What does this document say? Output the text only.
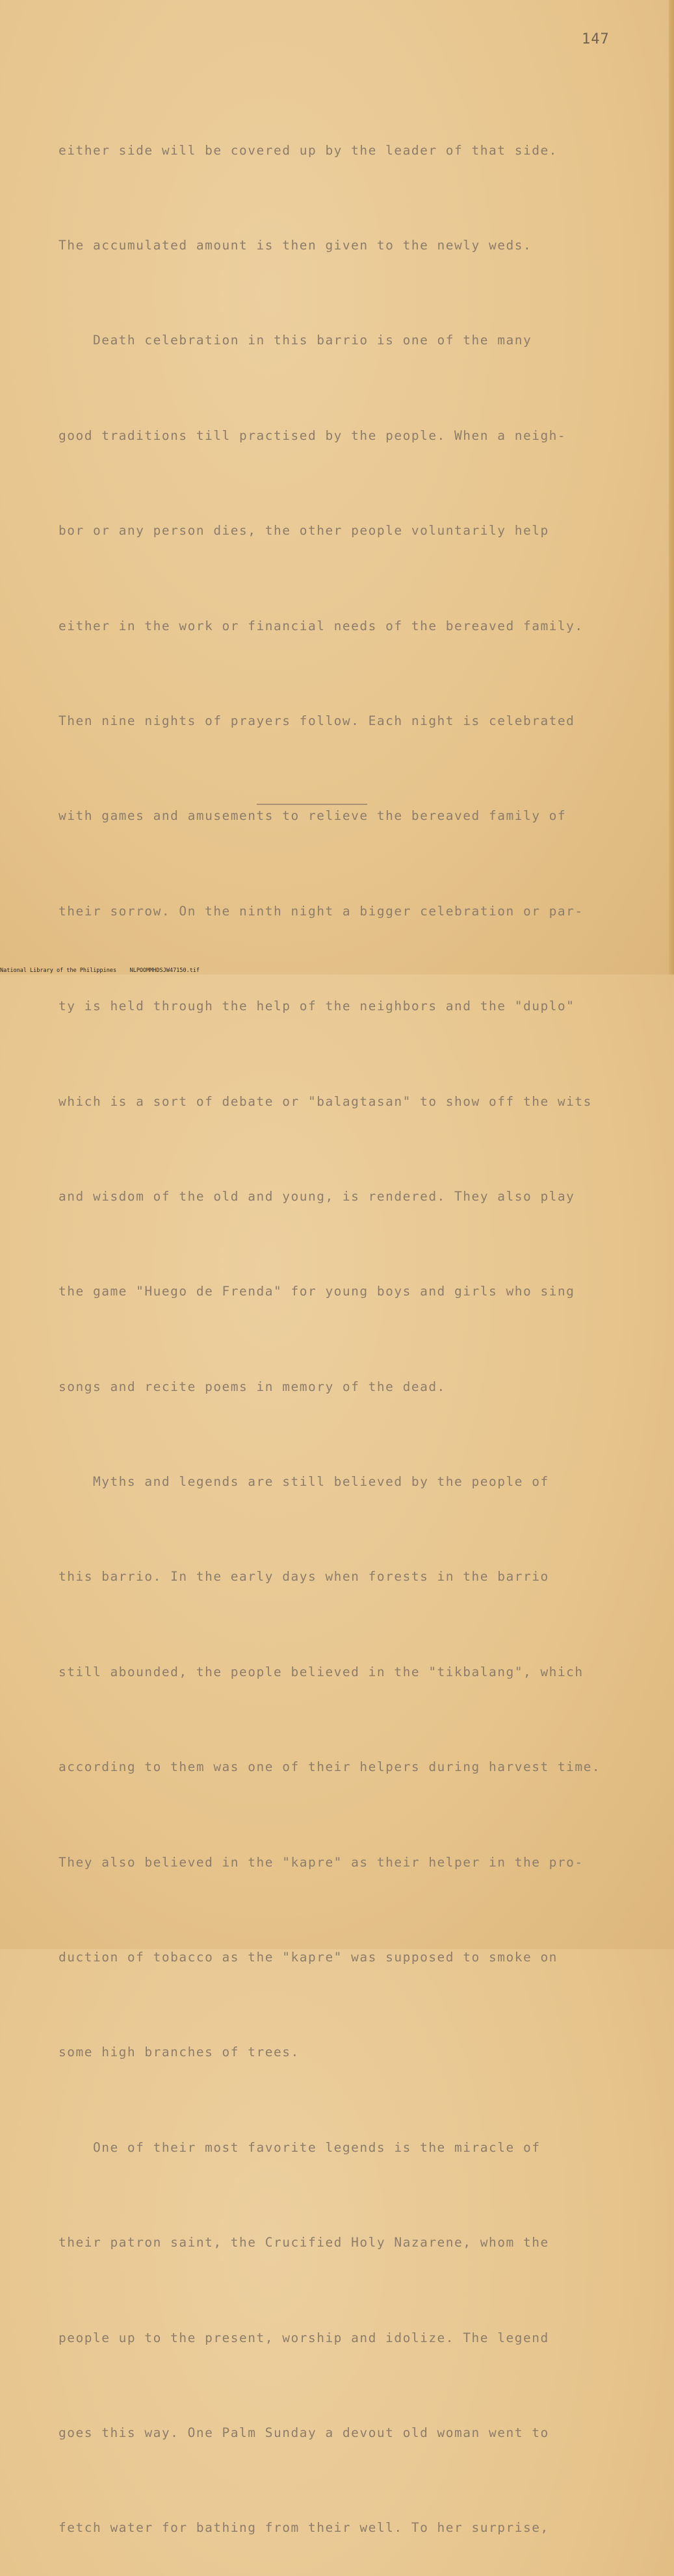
147

either side will be covered up by the leader of that side.

The accumulated amount is then given to the newly weds.

Death celebration in this barrio is one of the many

good traditions till practised by the people. When a neigh-

bor or any person dies, the other people voluntarily help

either in the work or financial needs of the bereaved family.

Then nine nights of prayers follow. Each night is celebrated

with games and amusements to relieve the bereaved family of

their sorrow. On the ninth night a bigger celebration or par-

ty is held through the help of the neighbors and the "duplo"

which is a sort of debate or "balagtasan" to show off the wits

and wisdom of the old and young, is rendered. They also play

the game "Huego de Frenda" for young boys and girls who sing

songs and recite poems in memory of the dead.

Myths and legends are still believed by the people of

this barrio. In the early days when forests in the barrio

still abounded, the people believed in the "tikbalang", which

according to them was one of their helpers during harvest time.

They also believed in the "kapre" as their helper in the pro-

duction of tobacco as the "kapre" was supposed to smoke on

some high branches of trees.

One of their most favorite legends is the miracle of

their patron saint, the Crucified Holy Nazarene, whom the

people up to the present, worship and idolize. The legend

goes this way. One Palm Sunday a devout old woman went to

fetch water for bathing from their well. To her surprise,

National Library of the Philippines    NLPOOMMHDSJW47150.tif
